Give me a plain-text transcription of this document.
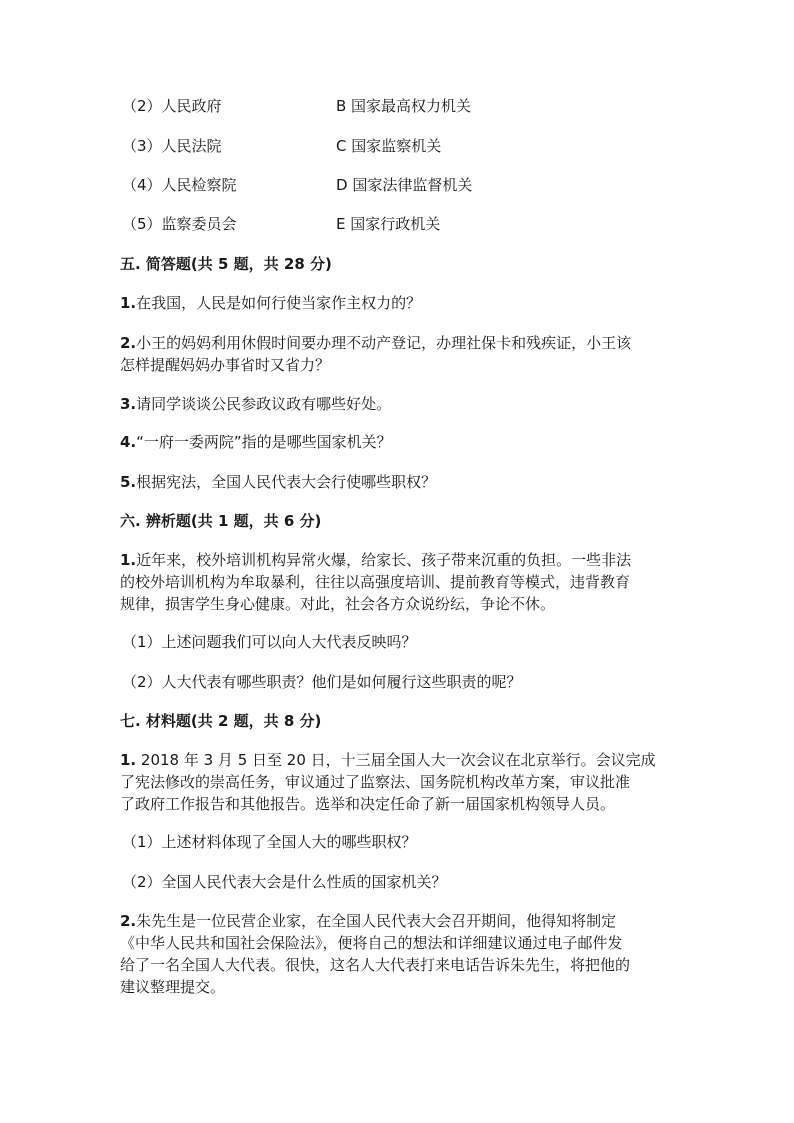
（2）人民政府	B 国家最高权力机关
（3）人民法院	C 国家监察机关
（4）人民检察院	D 国家法律监督机关
（5）监察委员会	E 国家行政机关
五. 简答题(共 5 题，共 28 分)
1.在我国，人民是如何行使当家作主权力的？
2.小王的妈妈利用休假时间要办理不动产登记，办理社保卡和残疾证，小王该
怎样提醒妈妈办事省时又省力？
3.请同学谈谈公民参政议政有哪些好处。
4.“一府一委两院”指的是哪些国家机关？
5.根据宪法，全国人民代表大会行使哪些职权？
六. 辨析题(共 1 题，共 6 分)
1.近年来，校外培训机构异常火爆，给家长、孩子带来沉重的负担。一些非法
的校外培训机构为牟取暴利，往往以高强度培训、提前教育等模式，违背教育
规律，损害学生身心健康。对此，社会各方众说纷纭，争论不休。
（1）上述问题我们可以向人大代表反映吗？
（2）人大代表有哪些职责？他们是如何履行这些职责的呢？
七. 材料题(共 2 题，共 8 分)
1. 2018 年 3 月 5 日至 20 日，十三届全国人大一次会议在北京举行。会议完成
了宪法修改的崇高任务，审议通过了监察法、国务院机构改革方案，审议批准
了政府工作报告和其他报告。选举和决定任命了新一届国家机构领导人员。
（1）上述材料体现了全国人大的哪些职权？
（2）全国人民代表大会是什么性质的国家机关？
2.朱先生是一位民营企业家，在全国人民代表大会召开期间，他得知将制定
《中华人民共和国社会保险法》，便将自己的想法和详细建议通过电子邮件发
给了一名全国人大代表。很快，这名人大代表打来电话告诉朱先生，将把他的
建议整理提交。
